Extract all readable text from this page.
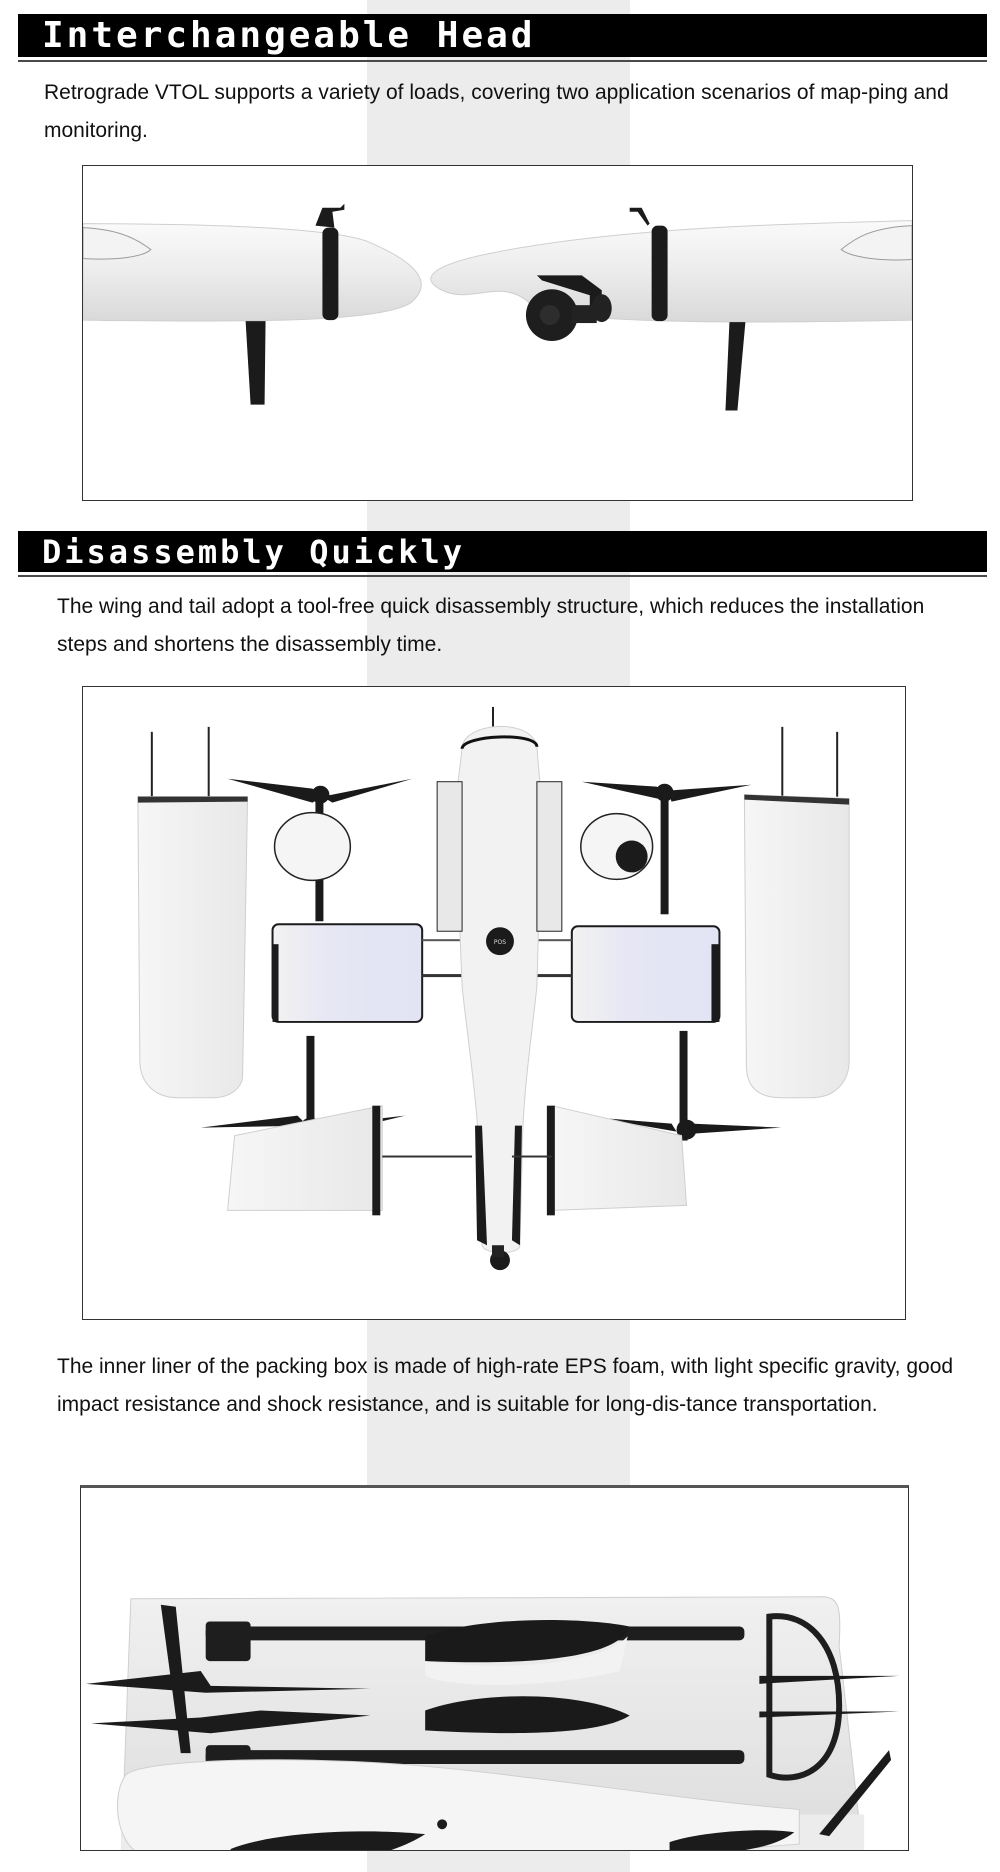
Interchangeable Head
Retrograde VTOL supports a variety of loads, covering two application scenarios of map-ping and monitoring.
Disassembly Quickly
The wing and tail adopt a tool-free quick disassembly structure, which reduces the installation steps and shortens the disassembly time.
POS
The inner liner of the packing box is made of high-rate EPS foam, with light specific gravity, good impact resistance and shock resistance, and is suitable for long-dis-tance transportation.
